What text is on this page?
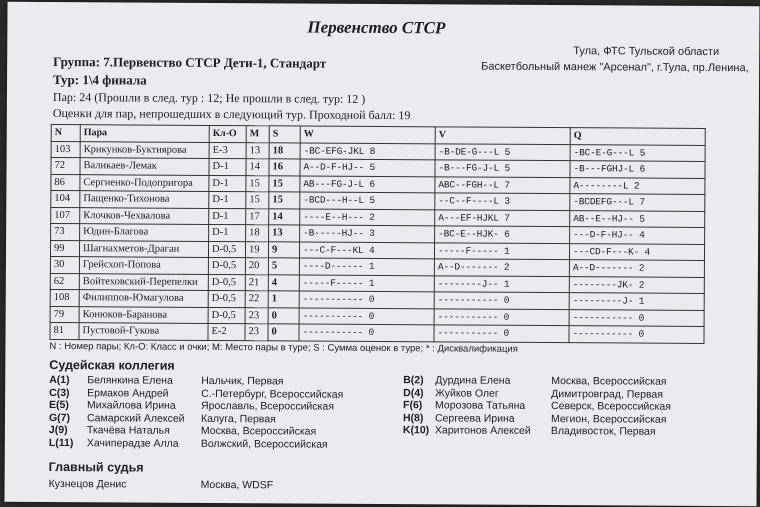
Первенство СТСР
Тула, ФТС Тульской области
Баскетбольный манеж "Арсенал", г.Тула, пр.Ленина,
Группа: 7.Первенство СТСР Дети-1, Стандарт
Тур: 1\4 финала
Пар: 24 (Прошли в след. тур : 12; Не прошли в след. тур: 12 )
Оценки для пар, непрошедших в следующий тур. Проходной балл: 19
N	Пара	Кл-О	М	S	W	V	Q
103	Крикунков-Буктиярова	Е-3	13	18	-BC-EFG-JKL 8	-B-DE-G---L 5	-BC-E-G---L 5
72	Валикаев-Лемак	D-1	14	16	A--D-F-HJ-- 5	-B---FG-J-L 5	-B---FGHJ-L 6
86	Сергиенко-Подопригора	D-1	15	15	AB---FG-J-L 6	ABC--FGH--L 7	A--------L 2
104	Пащенко-Тихонова	D-1	15	15	-BCD---H--L 5	--C--F----L 3	-BCDEFG---L 7
107	Клочков-Чехвалова	D-1	17	14	----E--H--- 2	A---EF-HJKL 7	AB--E--HJ-- 5
73	Юдин-Благова	D-1	18	13	-B-----HJ-- 3	-BC-E--HJK- 6	---D-F-HJ-- 4
99	Шагнахметов-Драган	D-0,5	19	9	---C-F---KL 4	-----F----- 1	---CD-F---K- 4
30	Грейсхоп-Попова	D-0,5	20	5	----D------ 1	A--D------- 2	A--D------- 2
62	Войтеховский-Перепелки	D-0,5	21	4	-----F----- 1	--------J-- 1	--------JK- 2
108	Филиппов-Юмагулова	D-0,5	22	1	----------- 0	----------- 0	---------J- 1
79	Конюков-Баранова	D-0,5	23	0	----------- 0	----------- 0	----------- 0
81	Пустовой-Гукова	E-2	23	0	----------- 0	----------- 0	----------- 0
N : Номер пары; Кл-О: Класс и очки; М: Место пары в туре; S : Сумма оценок в туре; * : Дисквалификация
Судейская коллегия
A(1) Белянкина Елена	Нальчик, Первая
C(3) Ермаков Андрей	С.-Петербург, Всероссийская
E(5) Михайлова Ирина Ярославль, Всероссийская
G(7) Самарский Алексей Калуга, Первая
J(9) Ткачёва Наталья	Москва, Всероссийская
L(11) Хачиперадзе Алла Волжский, Всероссийская
B(2) Дурдина Елена	Москва, Всероссийская
D(4) Жуйков Олег	Димитровград, Первая
F(6) Морозова Татьяна Северск, Всероссийская
H(8) Сергеева Ирина	Мегион, Всероссийская
K(10) Харитонов Алексей Владивосток, Первая
Главный судья
Кузнецов Денис	Москва, WDSF
